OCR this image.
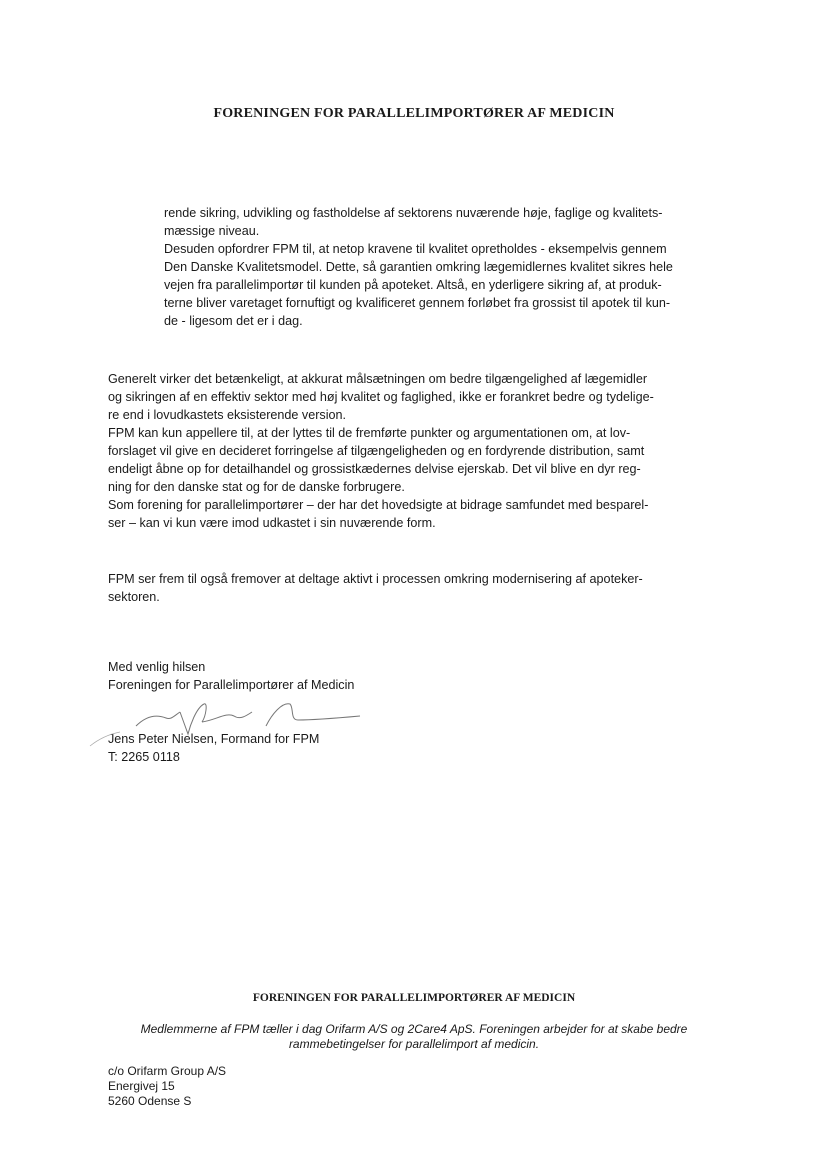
FORENINGEN FOR PARALLELIMPORTØRER AF MEDICIN
rende sikring, udvikling og fastholdelse af sektorens nuværende høje, faglige og kvalitets-
mæssige niveau.
Desuden opfordrer FPM til, at netop kravene til kvalitet opretholdes - eksempelvis gennem
Den Danske Kvalitetsmodel. Dette, så garantien omkring lægemidlernes kvalitet sikres hele
vejen fra parallelimportør til kunden på apoteket. Altså, en yderligere sikring af, at produk-
terne bliver varetaget fornuftigt og kvalificeret gennem forløbet fra grossist til apotek til kun-
de - ligesom det er i dag.
Generelt virker det betænkeligt, at akkurat målsætningen om bedre tilgængelighed af lægemidler
og sikringen af en effektiv sektor med høj kvalitet og faglighed, ikke er forankret bedre og tydelige-
re end i lovudkastets eksisterende version.
FPM kan kun appellere til, at der lyttes til de fremførte punkter og argumentationen om, at lov-
forslaget vil give en decideret forringelse af tilgængeligheden og en fordyrende distribution, samt
endeligt åbne op for detailhandel og grossistkædernes delvise ejerskab. Det vil blive en dyr reg-
ning for den danske stat og for de danske forbrugere.
Som forening for parallelimportører – der har det hovedsigte at bidrage samfundet med besparel-
ser – kan vi kun være imod udkastet i sin nuværende form.
FPM ser frem til også fremover at deltage aktivt i processen omkring modernisering af apoteker-
sektoren.
Med venlig hilsen
Foreningen for Parallelimportører af Medicin
Jens Peter Nielsen, Formand for FPM
T: 2265 0118
FORENINGEN FOR PARALLELIMPORTØRER AF MEDICIN
Medlemmerne af FPM tæller i dag Orifarm A/S og 2Care4 ApS. Foreningen arbejder for at skabe bedre
rammebetingelser for parallelimport af medicin.
c/o Orifarm Group A/S
Energivej 15
5260 Odense S
